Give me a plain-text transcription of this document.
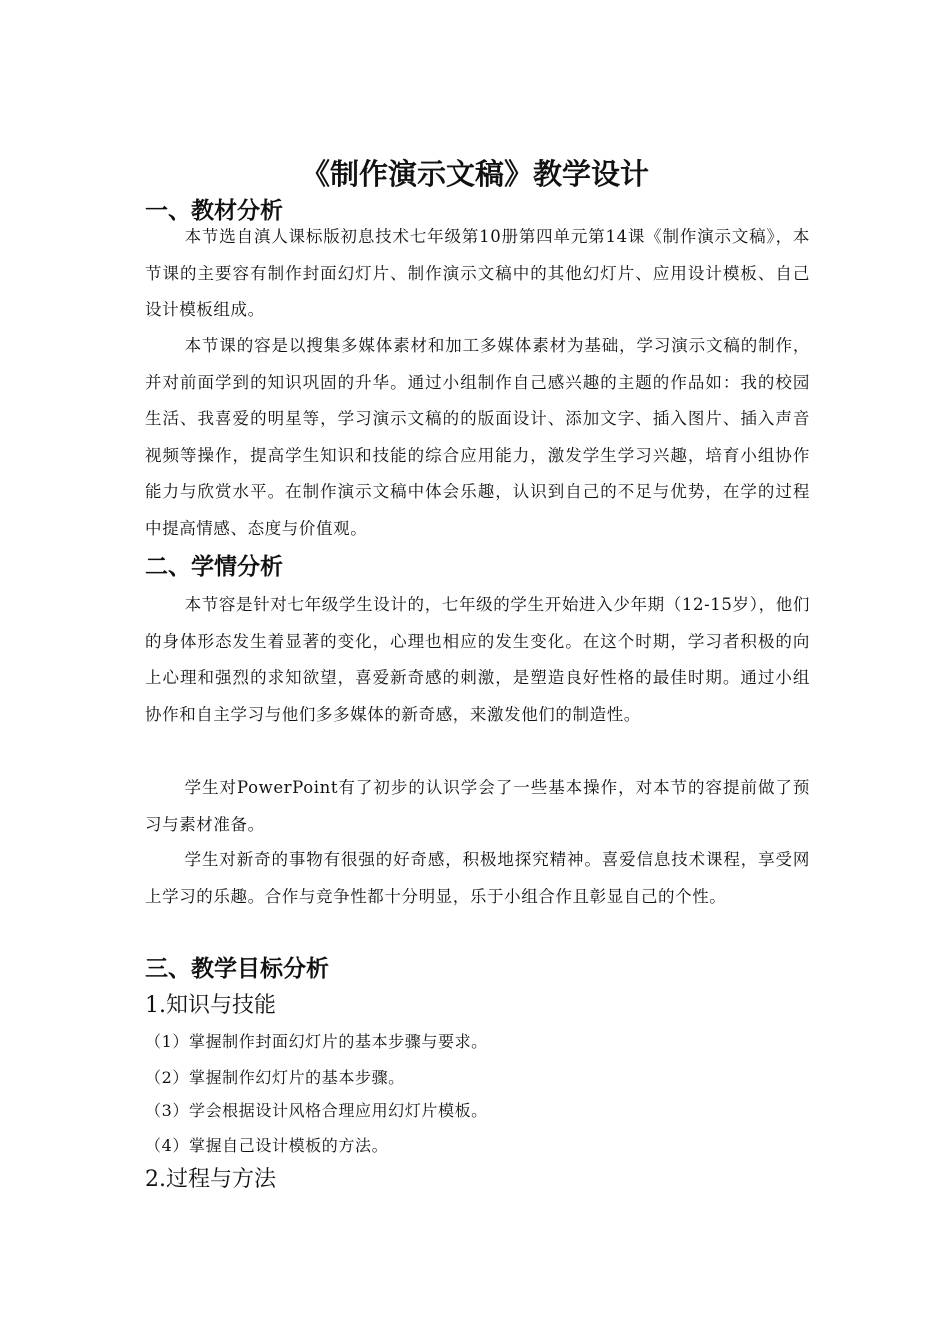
《制作演示文稿》教学设计
一、教材分析
本节选自滇人课标版初息技术七年级第10册第四单元第14课《制作演示文稿》，本节课的主要容有制作封面幻灯片、制作演示文稿中的其他幻灯片、应用设计模板、自己设计模板组成。
本节课的容是以搜集多媒体素材和加工多媒体素材为基础，学习演示文稿的制作，并对前面学到的知识巩固的升华。通过小组制作自己感兴趣的主题的作品如：我的校园生活、我喜爱的明星等，学习演示文稿的的版面设计、添加文字、插入图片、插入声音视频等操作，提高学生知识和技能的综合应用能力，激发学生学习兴趣，培育小组协作能力与欣赏水平。在制作演示文稿中体会乐趣，认识到自己的不足与优势，在学的过程中提高情感、态度与价值观。
二、学情分析
本节容是针对七年级学生设计的，七年级的学生开始进入少年期（12-15岁），他们的身体形态发生着显著的变化，心理也相应的发生变化。在这个时期，学习者积极的向上心理和强烈的求知欲望，喜爱新奇感的刺激，是塑造良好性格的最佳时期。通过小组协作和自主学习与他们多多媒体的新奇感，来激发他们的制造性。
学生对PowerPoint有了初步的认识学会了一些基本操作，对本节的容提前做了预习与素材准备。
学生对新奇的事物有很强的好奇感，积极地探究精神。喜爱信息技术课程，享受网上学习的乐趣。合作与竞争性都十分明显，乐于小组合作且彰显自己的个性。
三、教学目标分析
1.知识与技能
（1）掌握制作封面幻灯片的基本步骤与要求。
（2）掌握制作幻灯片的基本步骤。
（3）学会根据设计风格合理应用幻灯片模板。
（4）掌握自己设计模板的方法。
2.过程与方法
